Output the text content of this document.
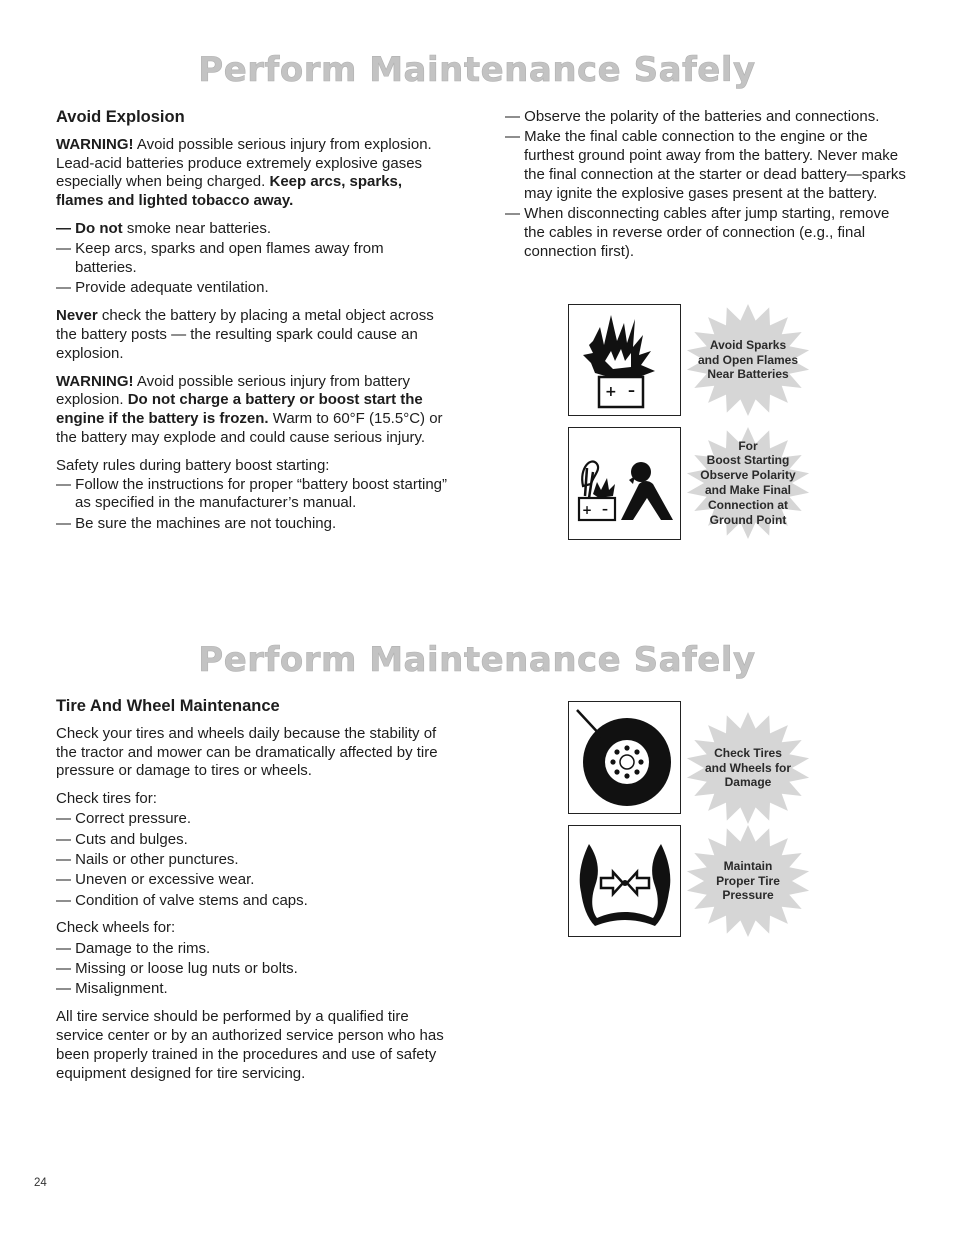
Perform Maintenance Safely
Avoid Explosion

WARNING! Avoid possible serious injury from explosion. Lead-acid batteries produce extremely explosive gases especially when being charged. Keep arcs, sparks, flames and lighted tobacco away.

— Do not smoke near batteries.
— Keep arcs, sparks and open flames away from batteries.
— Provide adequate ventilation.

Never check the battery by placing a metal object across the battery posts — the resulting spark could cause an explosion.

WARNING! Avoid possible serious injury from battery explosion. Do not charge a battery or boost start the engine if the battery is frozen. Warm to 60°F (15.5°C) or the battery may explode and could cause serious injury.

Safety rules during battery boost starting:

— Follow the instructions for proper “battery boost starting” as specified in the manufacturer’s manual.
— Be sure the machines are not touching.
— Observe the polarity of the batteries and connections.
— Make the final cable connection to the engine or the furthest ground point away from the battery. Never make the final connection at the starter or dead battery—sparks may ignite the explosive gases present at the battery.
— When disconnecting cables after jump starting, remove the cables in reverse order of connection (e.g., final connection first).
+ –
Avoid Sparks
and Open Flames
Near Batteries
+ –
For
Boost Starting
Observe Polarity
and Make Final
Connection at
Ground Point
Perform Maintenance Safely
Tire And Wheel Maintenance

Check your tires and wheels daily because the stability of the tractor and mower can be dramatically affected by tire pressure or damage to tires or wheels.

Check tires for:

— Correct pressure.
— Cuts and bulges.
— Nails or other punctures.
— Uneven or excessive wear.
— Condition of valve stems and caps.

Check wheels for:

— Damage to the rims.
— Missing or loose lug nuts or bolts.
— Misalignment.

All tire service should be performed by a qualified tire service center or by an authorized service person who has been properly trained in the procedures and use of safety equipment designed for tire servicing.

Check Tires
and Wheels for
Damage
Maintain
Proper Tire
Pressure
24
